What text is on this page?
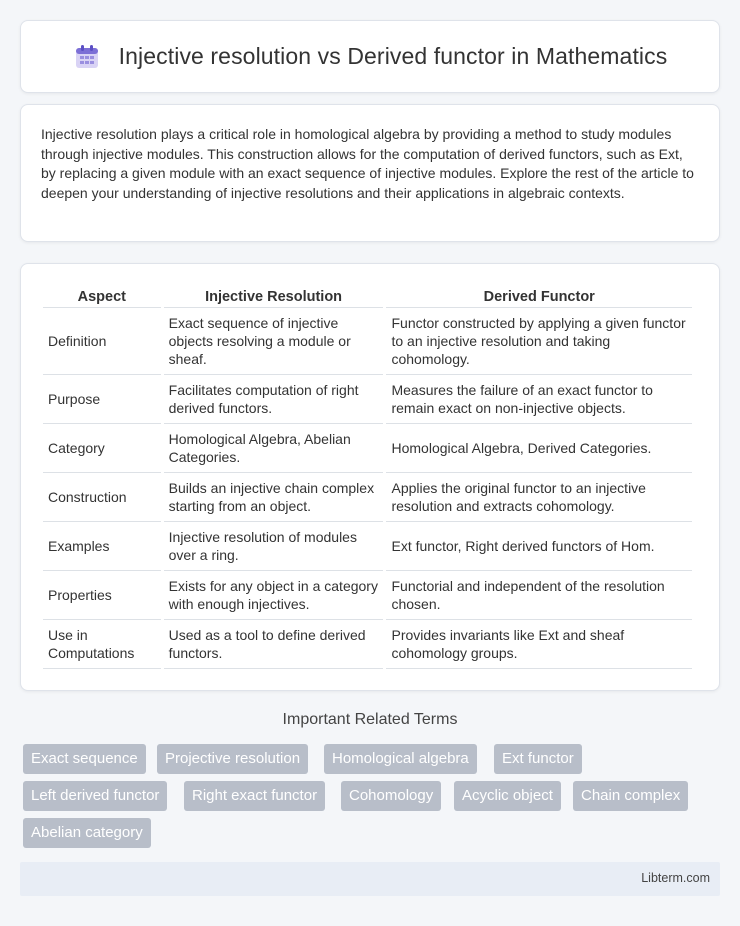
Injective resolution vs Derived functor in Mathematics

Injective resolution plays a critical role in homological algebra by providing a method to study modules through injective modules. This construction allows for the computation of derived functors, such as Ext, by replacing a given module with an exact sequence of injective modules. Explore the rest of the article to deepen your understanding of injective resolutions and their applications in algebraic contexts.

Aspect	Injective Resolution	Derived Functor
Definition	Exact sequence of injective objects resolving a module or sheaf.	Functor constructed by applying a given functor to an injective resolution and taking cohomology.
Purpose	Facilitates computation of right derived functors.	Measures the failure of an exact functor to remain exact on non-injective objects.
Category	Homological Algebra, Abelian Categories.	Homological Algebra, Derived Categories.
Construction	Builds an injective chain complex starting from an object.	Applies the original functor to an injective resolution and extracts cohomology.
Examples	Injective resolution of modules over a ring.	Ext functor, Right derived functors of Hom.
Properties	Exists for any object in a category with enough injectives.	Functorial and independent of the resolution chosen.
Use in Computations	Used as a tool to define derived functors.	Provides invariants like Ext and sheaf cohomology groups.
Important Related Terms
Exact sequence	Projective resolution	Homological algebra	Ext functor
Left derived functor	Right exact functor	Cohomology	Acyclic object	Chain complex
Abelian category
Libterm.com
